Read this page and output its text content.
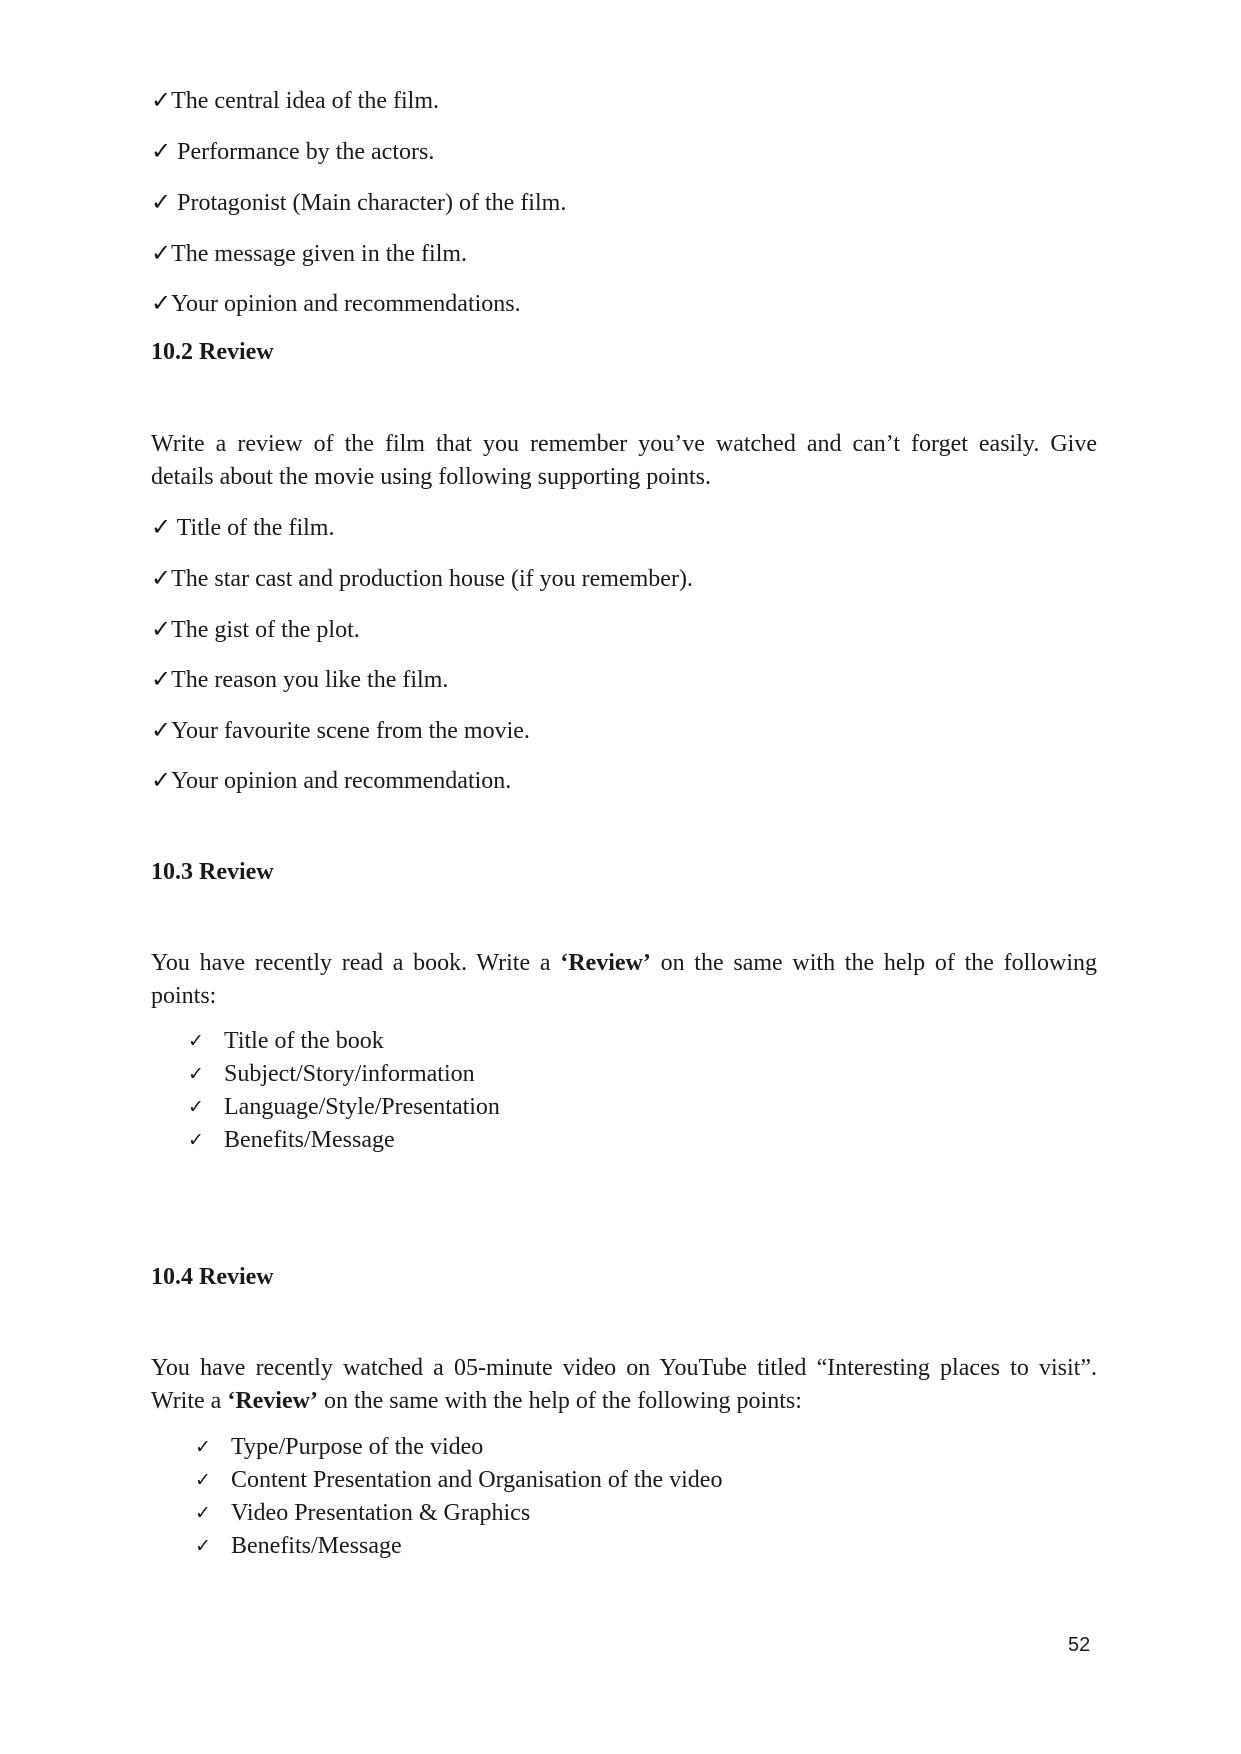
✓The central idea of the film.
✓ Performance by the actors.
✓ Protagonist (Main character) of the film.
✓The message given in the film.
✓Your opinion and recommendations.
10.2 Review
Write a review of the film that you remember you’ve watched and can’t forget easily. Give
details about the movie using following supporting points.
✓ Title of the film.
✓The star cast and production house (if you remember).
✓The gist of the plot.
✓The reason you like the film.
✓Your favourite scene from the movie.
✓Your opinion and recommendation.
10.3 Review
You have recently read a book. Write a ‘Review’ on the same with the help of the following
points:
✓ Title of the book
✓ Subject/Story/information
✓ Language/Style/Presentation
✓ Benefits/Message
10.4 Review
You have recently watched a 05-minute video on YouTube titled “Interesting places to visit”.
Write a ‘Review’ on the same with the help of the following points:
✓ Type/Purpose of the video
✓ Content Presentation and Organisation of the video
✓ Video Presentation & Graphics
✓ Benefits/Message
52
